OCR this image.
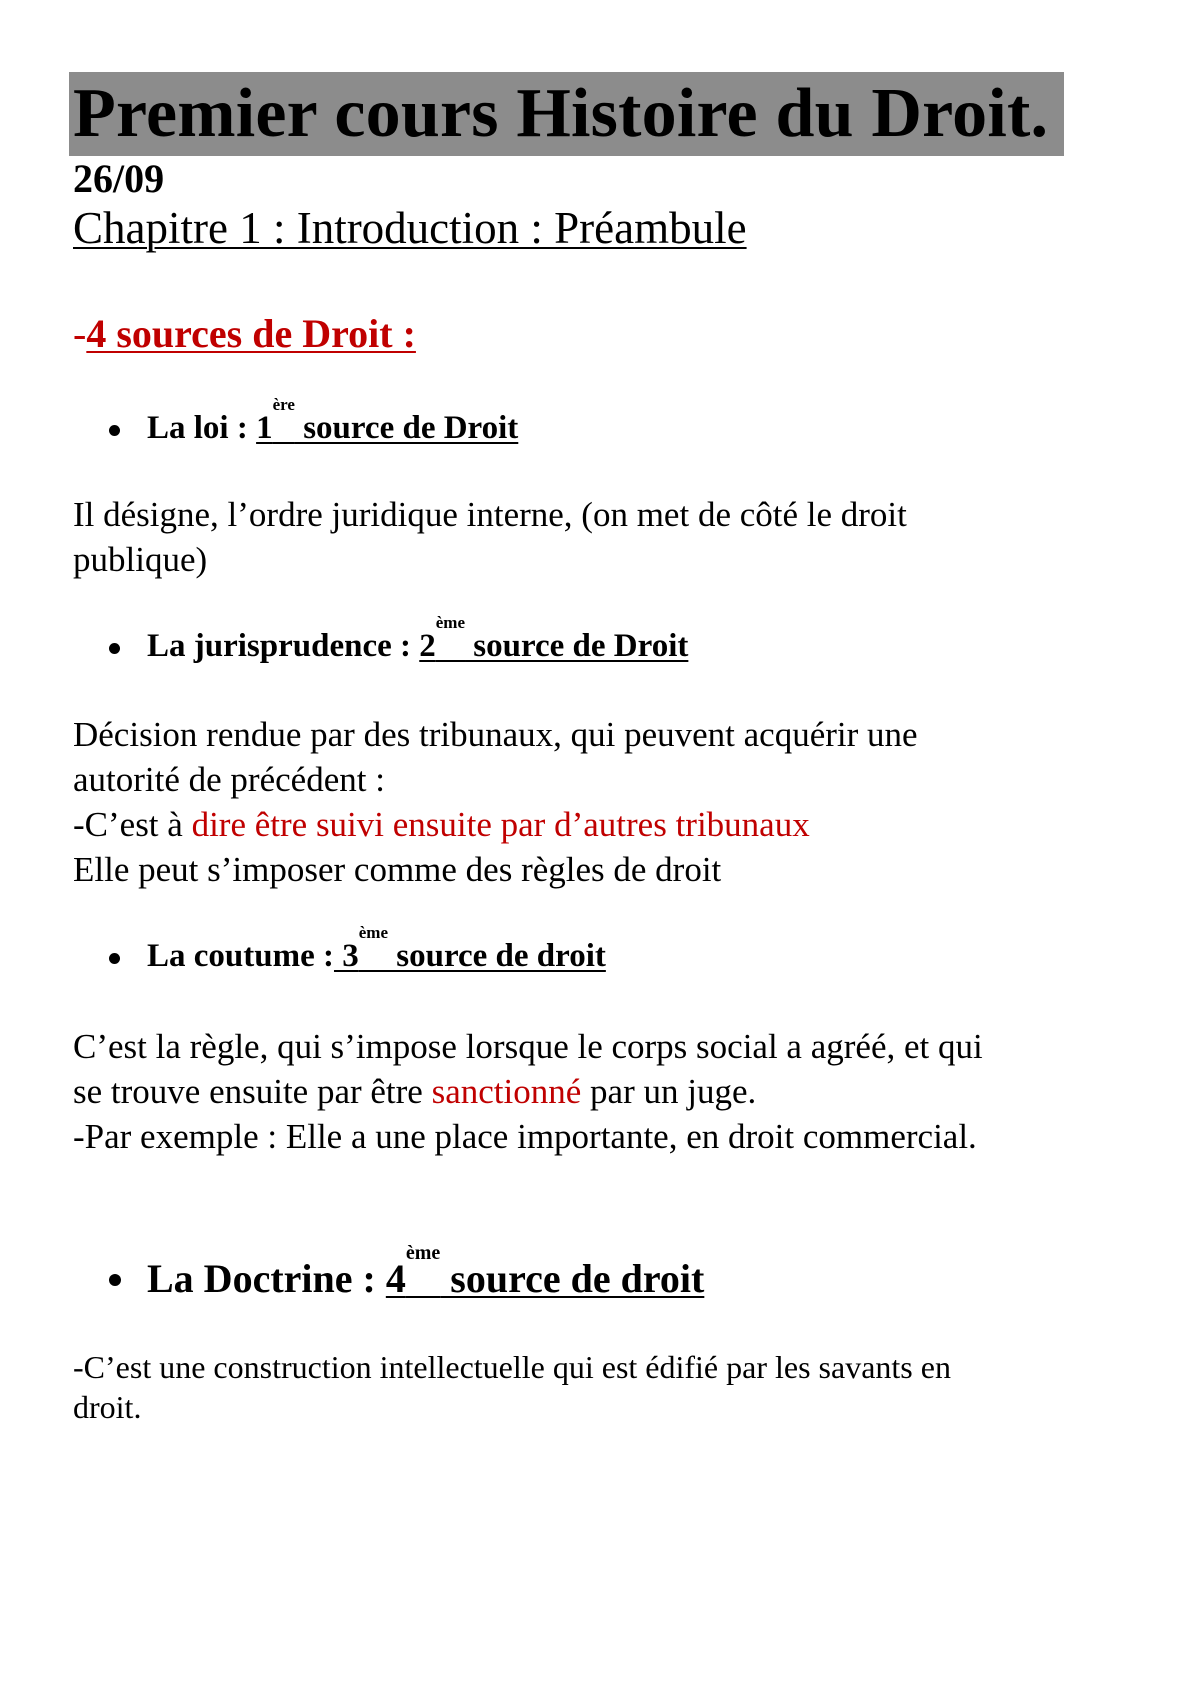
Premier cours Histoire du Droit.
26/09
Chapitre 1 : Introduction : Préambule
-4 sources de Droit :
La loi : 1ère source de Droit
Il désigne, l’ordre juridique interne, (on met de côté le droit
publique)
La jurisprudence : 2ème source de Droit
Décision rendue par des tribunaux, qui peuvent acquérir une
autorité de précédent :
-C’est à dire être suivi ensuite par d’autres tribunaux
Elle peut s’imposer comme des règles de droit
La coutume : 3ème source de droit
C’est la règle, qui s’impose lorsque le corps social a agréé, et qui
se trouve ensuite par être sanctionné par un juge.
-Par exemple : Elle a une place importante, en droit commercial.
La Doctrine : 4ème source de droit
-C’est une construction intellectuelle qui est édifié par les savants en
droit.
